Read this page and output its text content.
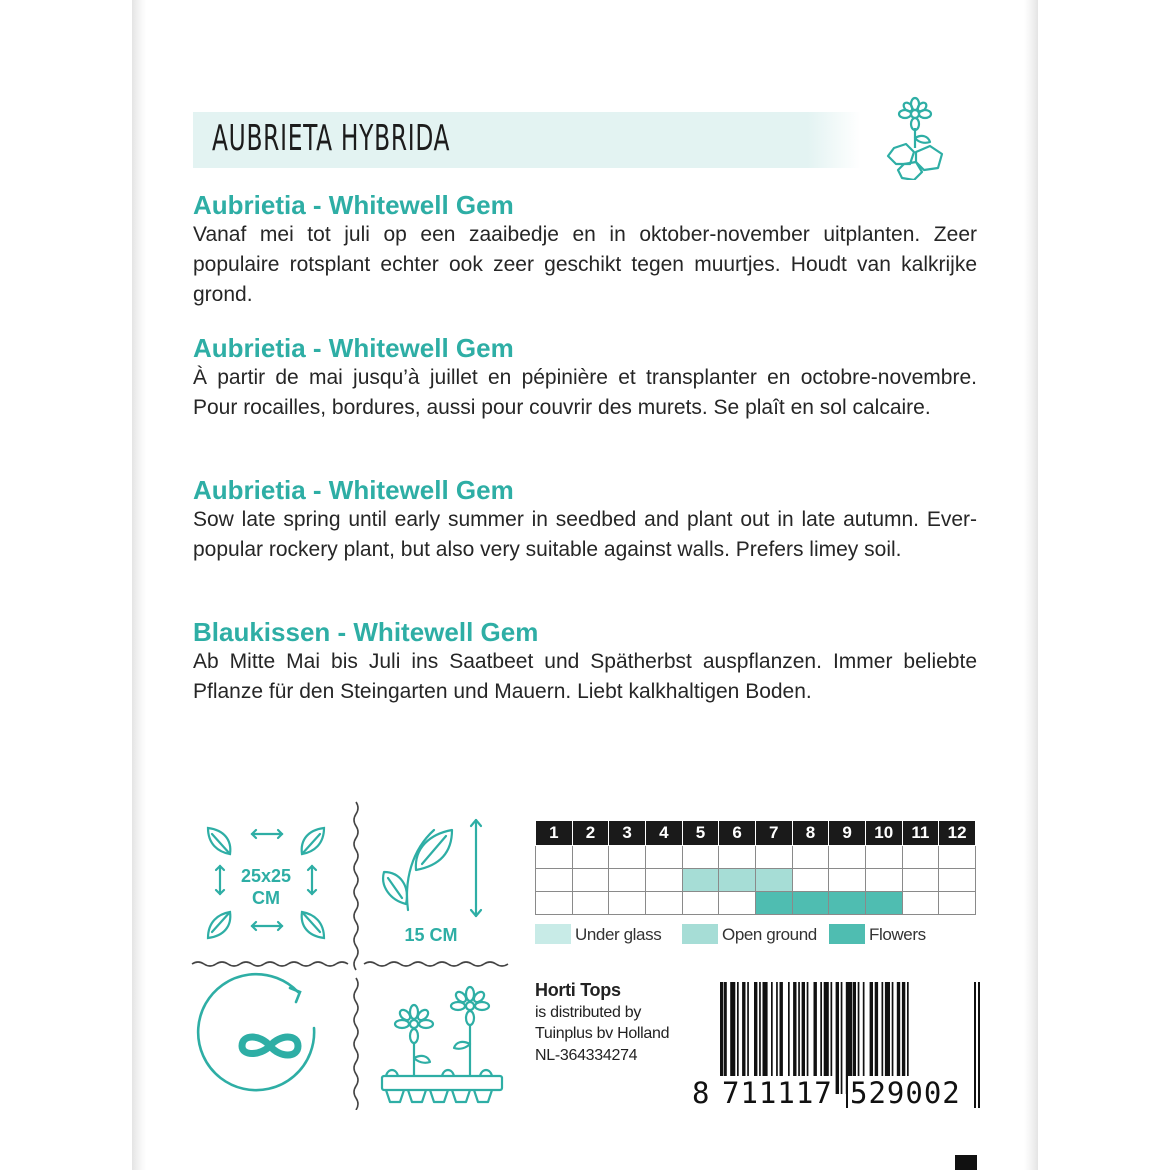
AUBRIETA HYBRIDA
Aubrietia - Whitewell Gem
Vanaf mei tot juli op een zaaibedje en in oktober-november uitplanten. Zeer populaire rotsplant echter ook zeer geschikt tegen muurtjes. Houdt van kalkrijke grond.
Aubrietia - Whitewell Gem
À partir de mai jusqu’à juillet en pépinière et transplanter en octobre-novembre. Pour rocailles, bordures, aussi pour couvrir des murets. Se plaît en sol calcaire.
Aubrietia - Whitewell Gem
Sow late spring until early summer in seedbed and plant out in late autumn. Ever-popular rockery plant, but also very suitable against walls. Prefers limey soil.
Blaukissen - Whitewell Gem
Ab Mitte Mai bis Juli ins Saatbeet und Spätherbst auspflanzen. Immer beliebte Pflanze für den Steingarten und Mauern. Liebt kalkhaltigen Boden.
25x25
CM
15 CM
1	2	3	4	5	6	7	8	9	10	11	12

Under glass	Open ground	Flowers
Horti Tops
is distributed by
Tuinplus bv Holland
NL-364334274
8 711117 529002
